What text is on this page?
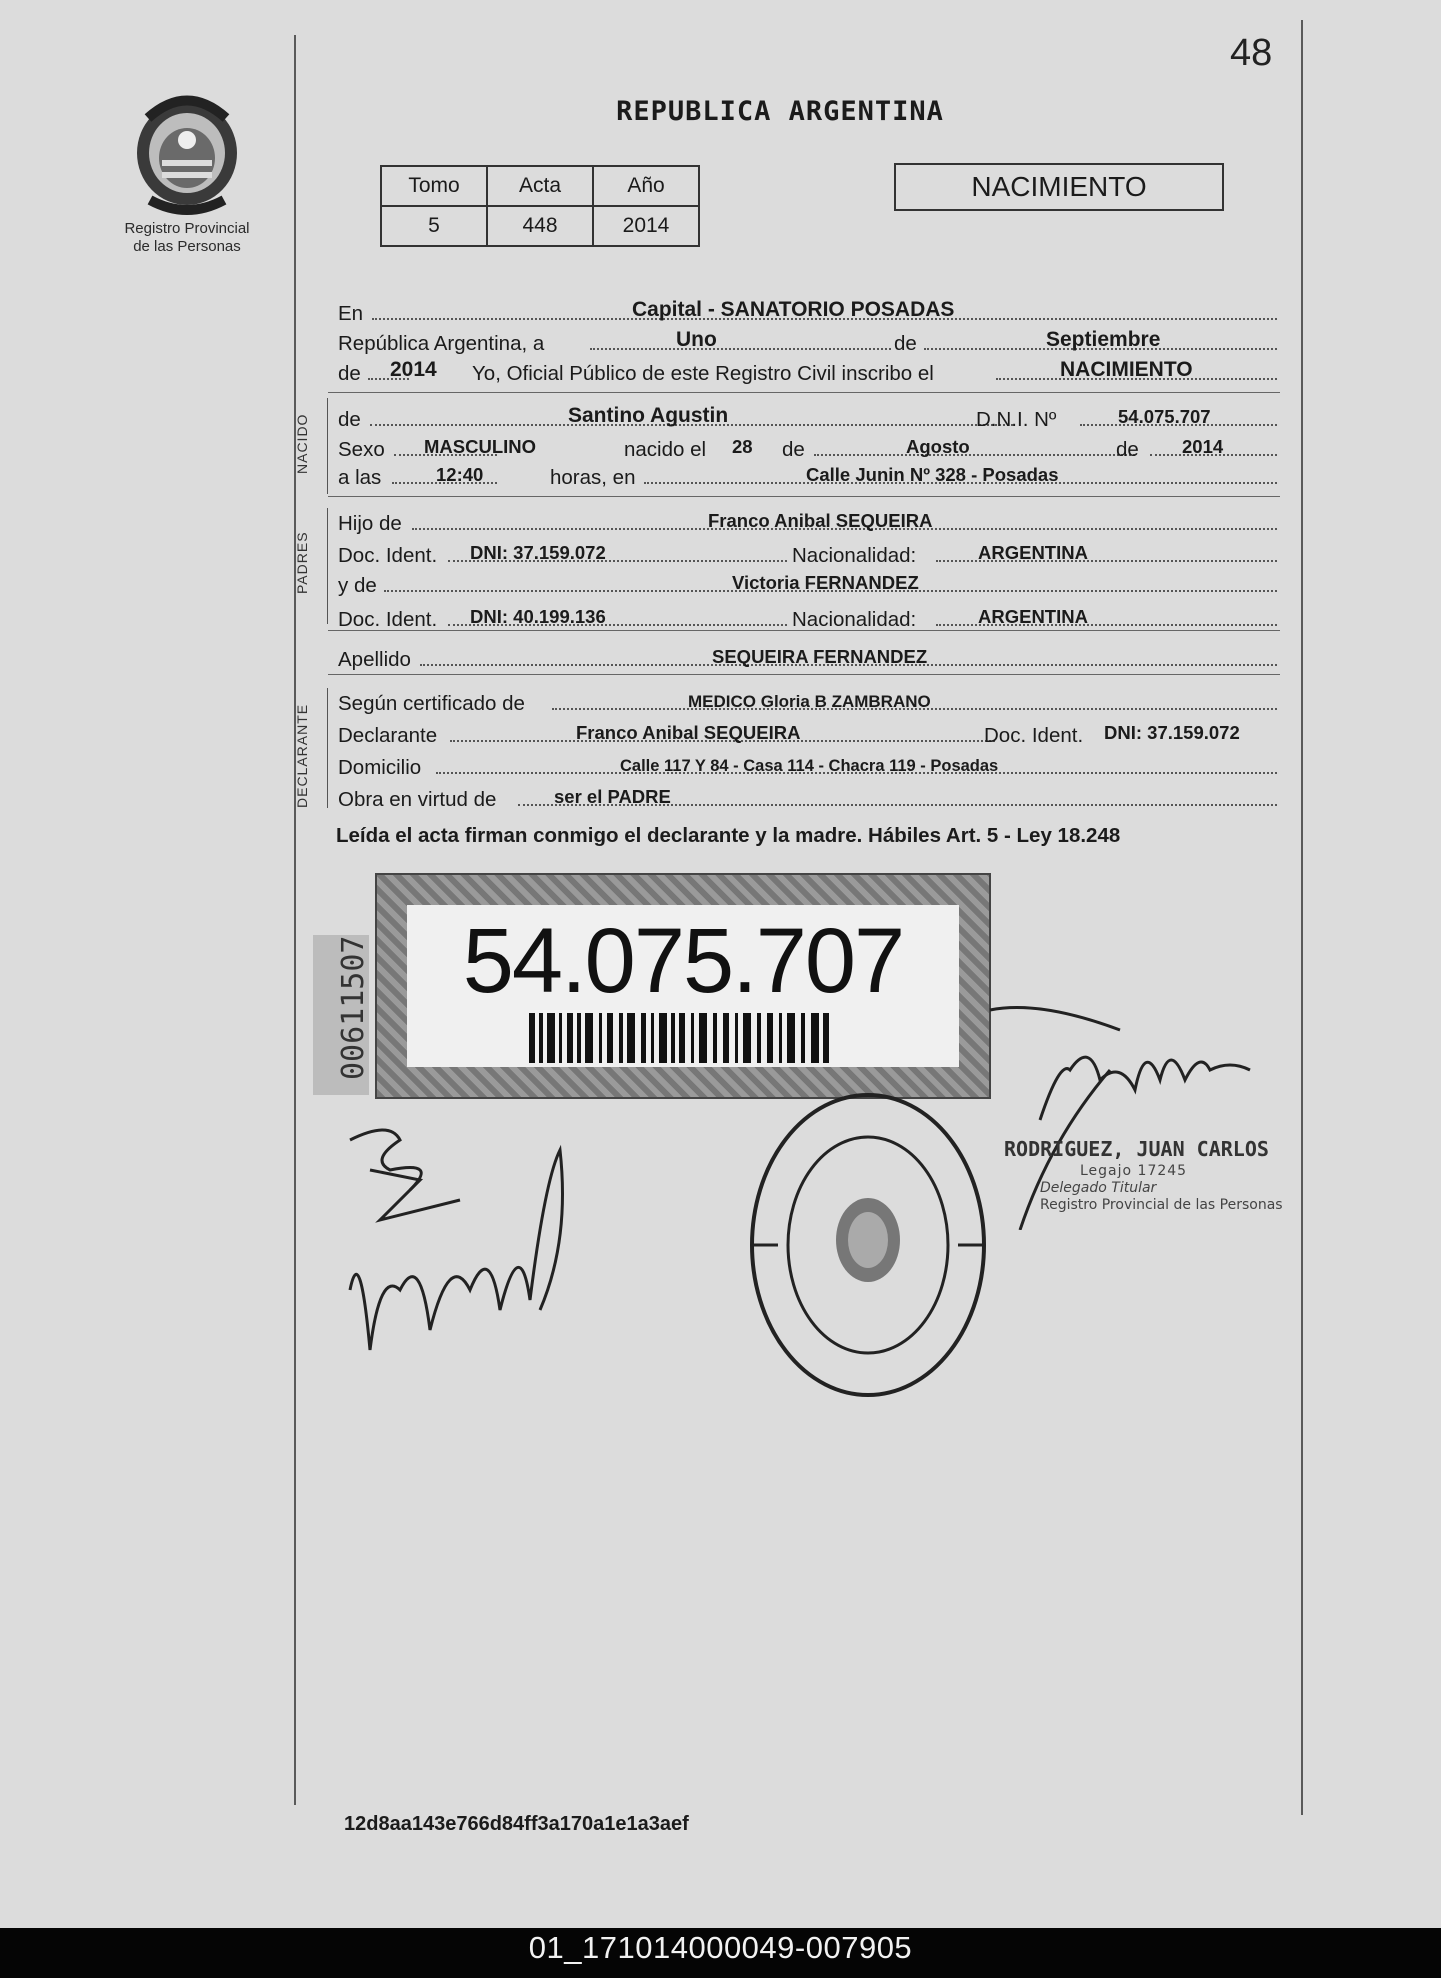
48
Registro Provincial
de las Personas
REPUBLICA ARGENTINA
Tomo	Acta	Año
5	448	2014
NACIMIENTO
En	Capital - SANATORIO POSADAS
República Argentina, a	Uno	de	Septiembre
de 2014 Yo, Oficial Público de este Registro Civil inscribo el	NACIMIENTO
NACIDO de	Santino Agustin	D.N.I. Nº	54.075.707
Sexo MASCULINO	nacido el 28 de	Agosto	de 2014
a las	12:40	horas, en	Calle Junin Nº 328 - Posadas
PADRES
Hijo de	Franco Anibal SEQUEIRA
Doc. Ident. DNI: 37.159.072	Nacionalidad:	ARGENTINA
y de	Victoria FERNANDEZ
Doc. Ident. DNI: 40.199.136	Nacionalidad:	ARGENTINA
Apellido	SEQUEIRA FERNANDEZ
DECLARANTE
Según certificado de	MEDICO Gloria B ZAMBRANO
Declarante	Franco Anibal SEQUEIRA	Doc. Ident. DNI: 37.159.072
Domicilio	Calle 117 Y 84 - Casa 114 - Chacra 119 - Posadas
Obra en virtud de	ser el PADRE
Leída el acta firman conmigo el declarante y la madre. Hábiles Art. 5 - Ley 18.248
00611507 54.075.707
RODRIGUEZ, JUAN CARLOS
Legajo 17245
Delegado Titular
Registro Provincial de las Personas
12d8aa143e766d84ff3a170a1e1a3aef
01_171014000049-007905
